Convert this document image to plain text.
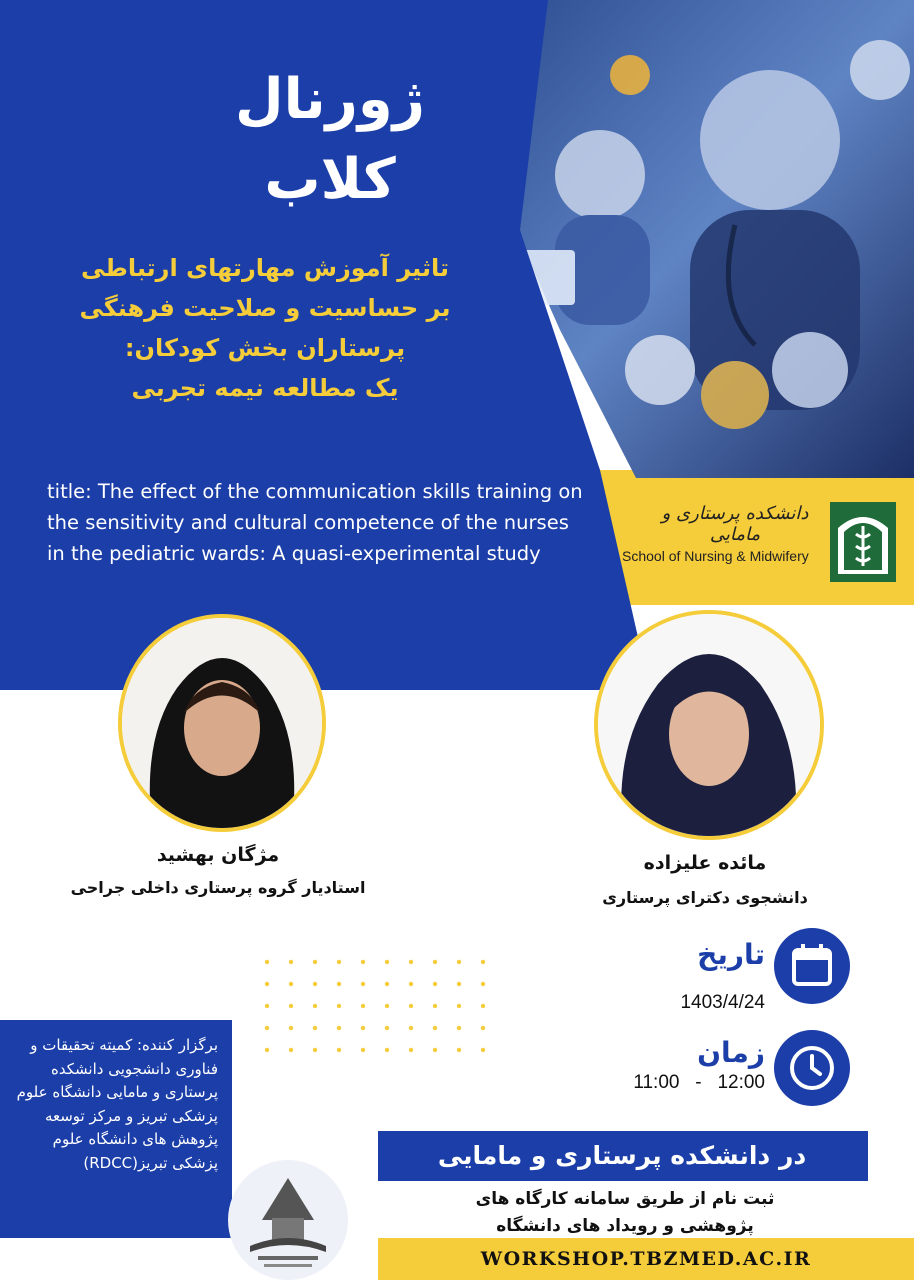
ژورنال
کلاب
تاثیر آموزش مهارتهای ارتباطی
بر حساسیت و صلاحیت فرهنگی
پرستاران بخش کودکان:
یک مطالعه نیمه تجربی
title: The effect of the communication skills training on the sensitivity and cultural competence of the nurses in the pediatric wards: A quasi-experimental study
دانشکده پرستاری و مامایی
School of Nursing & Midwifery
مژگان بهشید
استادیار گروه پرستاری داخلی جراحی
مائده علیزاده
دانشجوی دکترای پرستاری
تاریخ
1403/4/24
زمان
11:00   -   12:00
برگزار کننده: کمیته تحقیقات و فناوری دانشجویی دانشکده پرستاری و مامایی دانشگاه علوم پزشکی تبریز و مرکز توسعه پژوهش های دانشگاه علوم پزشکی تبریز(RDCC)	در دانشکده پرستاری و مامایی
ثبت نام از طریق سامانه کارگاه های
پژوهشی و رویداد های دانشگاه
WORKSHOP.TBZMED.AC.IR
